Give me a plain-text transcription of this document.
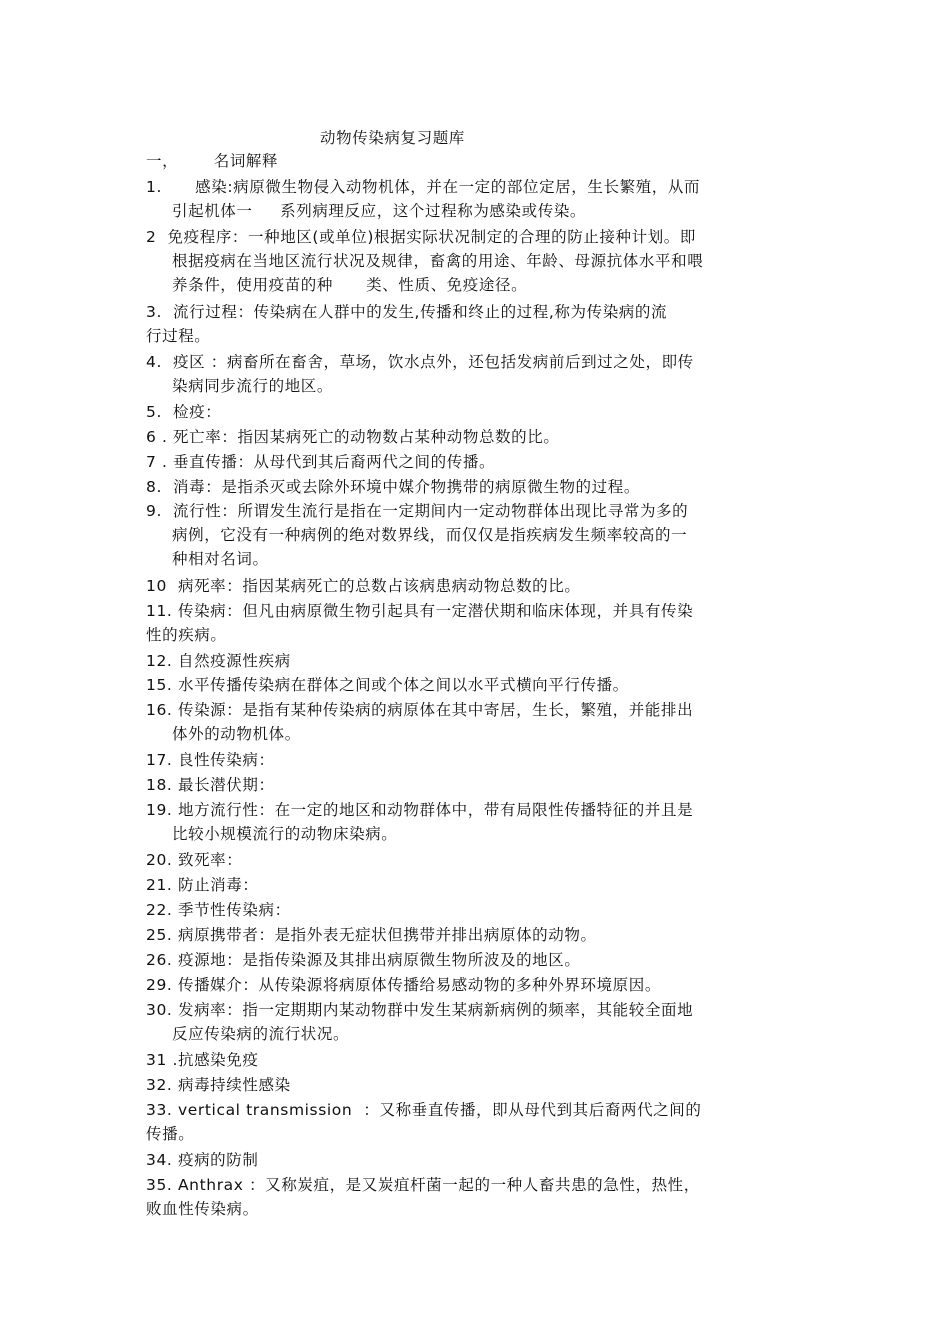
动物传染病复习题库
一， 名词解释
1.      感染:病原微生物侵入动物机体，并在一定的部位定居，生长繁殖，从而
引起机体一     系列病理反应，这个过程称为感染或传染。
2  免疫程序：一种地区(或单位)根据实际状况制定的合理的防止接种计划。即
根据疫病在当地区流行状况及规律，畜禽的用途、年龄、母源抗体水平和喂
养条件，使用疫苗的种      类、性质、免疫途径。
3.  流行过程：传染病在人群中的发生,传播和终止的过程,称为传染病的流
行过程。
4.  疫区 ：病畜所在畜舍，草场，饮水点外，还包括发病前后到过之处，即传
染病同步流行的地区。
5.  检疫：
6 . 死亡率：指因某病死亡的动物数占某种动物总数的比。
7 . 垂直传播：从母代到其后裔两代之间的传播。
8.  消毒：是指杀灭或去除外环境中媒介物携带的病原微生物的过程。
9.  流行性：所谓发生流行是指在一定期间内一定动物群体出现比寻常为多的
病例，它没有一种病例的绝对数界线，而仅仅是指疾病发生频率较高的一
种相对名词。
10  病死率：指因某病死亡的总数占该病患病动物总数的比。
11. 传染病：但凡由病原微生物引起具有一定潜伏期和临床体现，并具有传染
性的疾病。
12. 自然疫源性疾病
15. 水平传播传染病在群体之间或个体之间以水平式横向平行传播。
16. 传染源：是指有某种传染病的病原体在其中寄居，生长，繁殖，并能排出
体外的动物机体。
17. 良性传染病：
18. 最长潜伏期：
19. 地方流行性：在一定的地区和动物群体中，带有局限性传播特征的并且是
比较小规模流行的动物床染病。
20. 致死率：
21. 防止消毒：
22. 季节性传染病：
25. 病原携带者：是指外表无症状但携带并排出病原体的动物。
26. 疫源地：是指传染源及其排出病原微生物所波及的地区。
29. 传播媒介：从传染源将病原体传播给易感动物的多种外界环境原因。
30. 发病率：指一定期期内某动物群中发生某病新病例的频率，其能较全面地
反应传染病的流行状况。
31 .抗感染免疫
32. 病毒持续性感染
33. vertical transmission  ：又称垂直传播，即从母代到其后裔两代之间的
传播。
34. 疫病的防制
35. Anthrax ：又称炭疽，是又炭疽杆菌一起的一种人畜共患的急性，热性，
败血性传染病。
